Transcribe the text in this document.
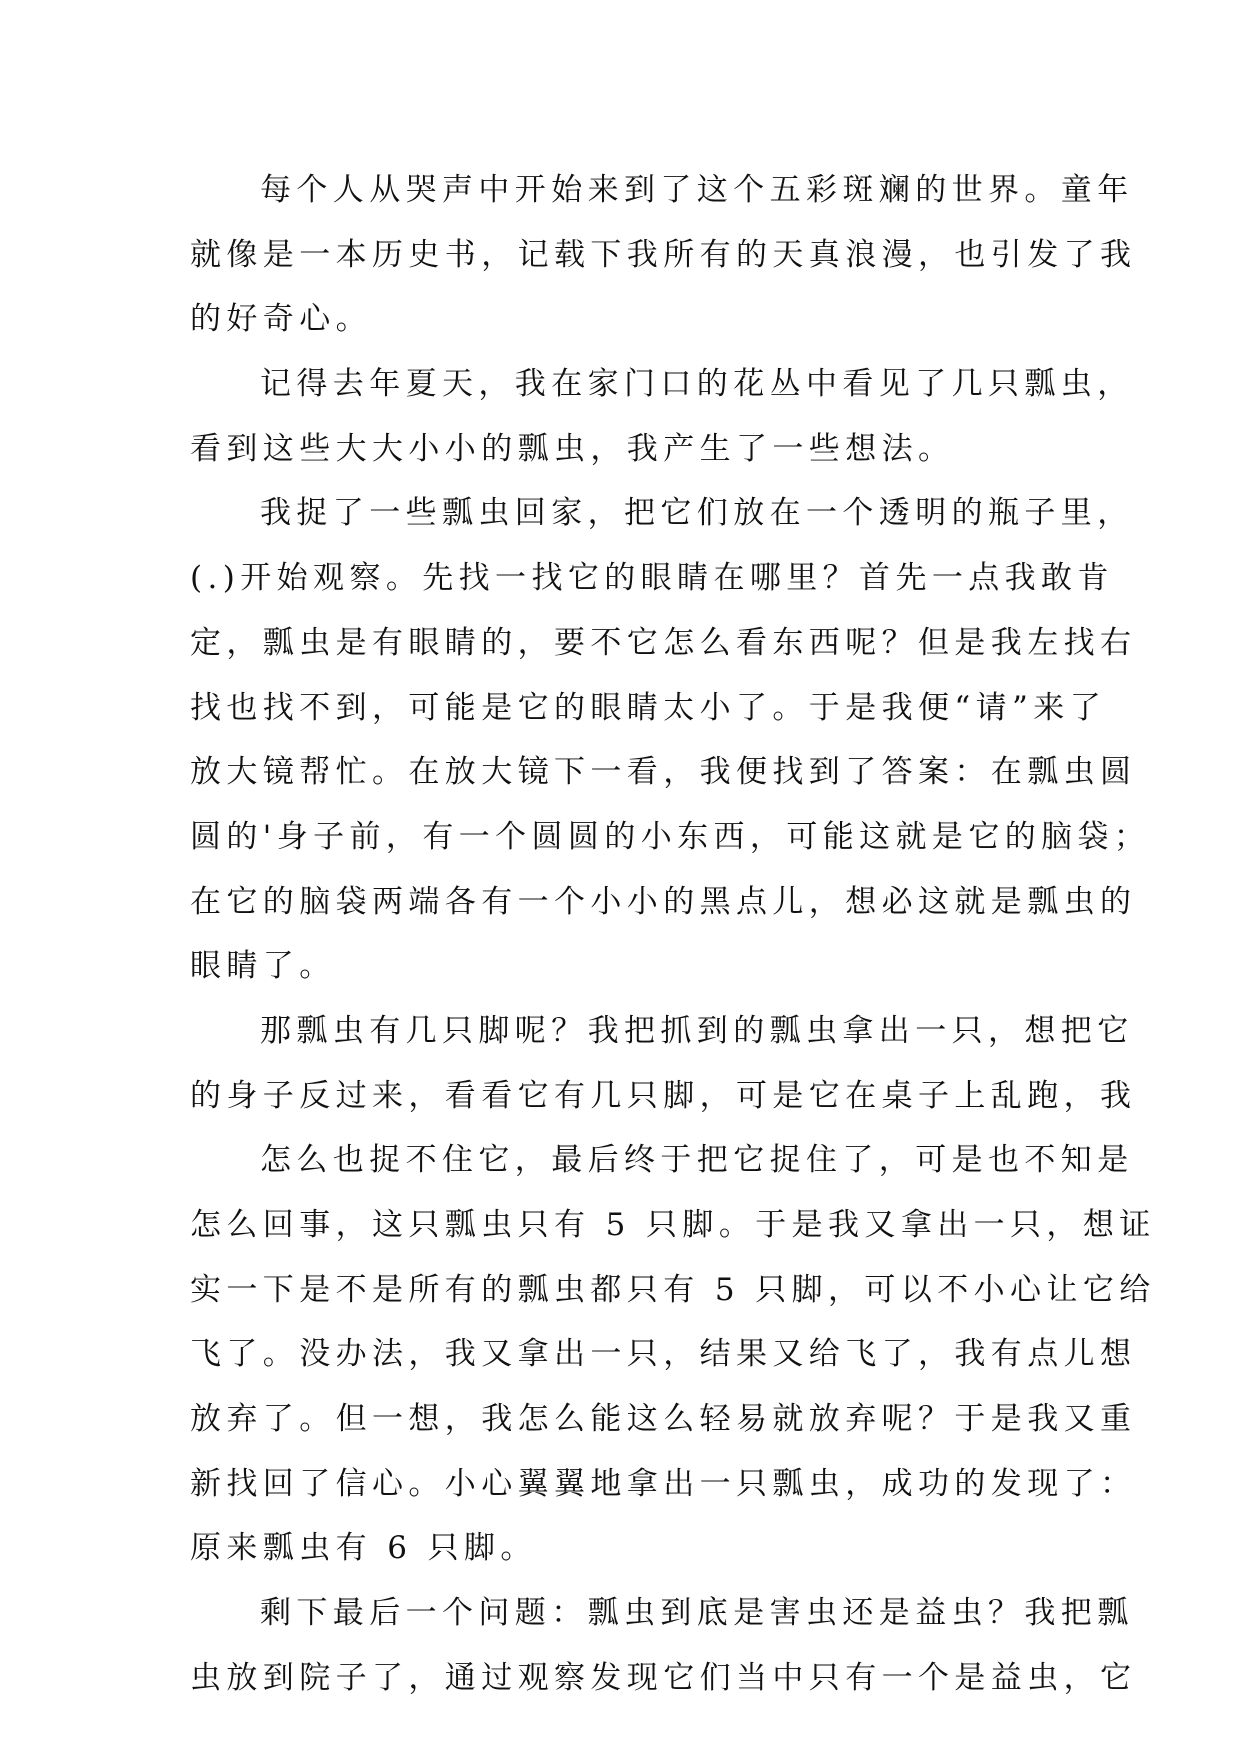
每个人从哭声中开始来到了这个五彩斑斓的世界。童年
就像是一本历史书，记载下我所有的天真浪漫，也引发了我
的好奇心。
记得去年夏天，我在家门口的花丛中看见了几只瓢虫，
看到这些大大小小的瓢虫，我产生了一些想法。
我捉了一些瓢虫回家，把它们放在一个透明的瓶子里，
(.)开始观察。先找一找它的眼睛在哪里？首先一点我敢肯
定，瓢虫是有眼睛的，要不它怎么看东西呢？但是我左找右
找也找不到，可能是它的眼睛太小了。于是我便“请”来了
放大镜帮忙。在放大镜下一看，我便找到了答案：在瓢虫圆
圆的'身子前，有一个圆圆的小东西，可能这就是它的脑袋；
在它的脑袋两端各有一个小小的黑点儿，想必这就是瓢虫的
眼睛了。
那瓢虫有几只脚呢？我把抓到的瓢虫拿出一只，想把它
的身子反过来，看看它有几只脚，可是它在桌子上乱跑，我
怎么也捉不住它，最后终于把它捉住了，可是也不知是
怎么回事，这只瓢虫只有 5 只脚。于是我又拿出一只，想证
实一下是不是所有的瓢虫都只有 5 只脚，可以不小心让它给
飞了。没办法，我又拿出一只，结果又给飞了，我有点儿想
放弃了。但一想，我怎么能这么轻易就放弃呢？于是我又重
新找回了信心。小心翼翼地拿出一只瓢虫，成功的发现了：
原来瓢虫有 6 只脚。
剩下最后一个问题：瓢虫到底是害虫还是益虫？我把瓢
虫放到院子了，通过观察发现它们当中只有一个是益虫，它
